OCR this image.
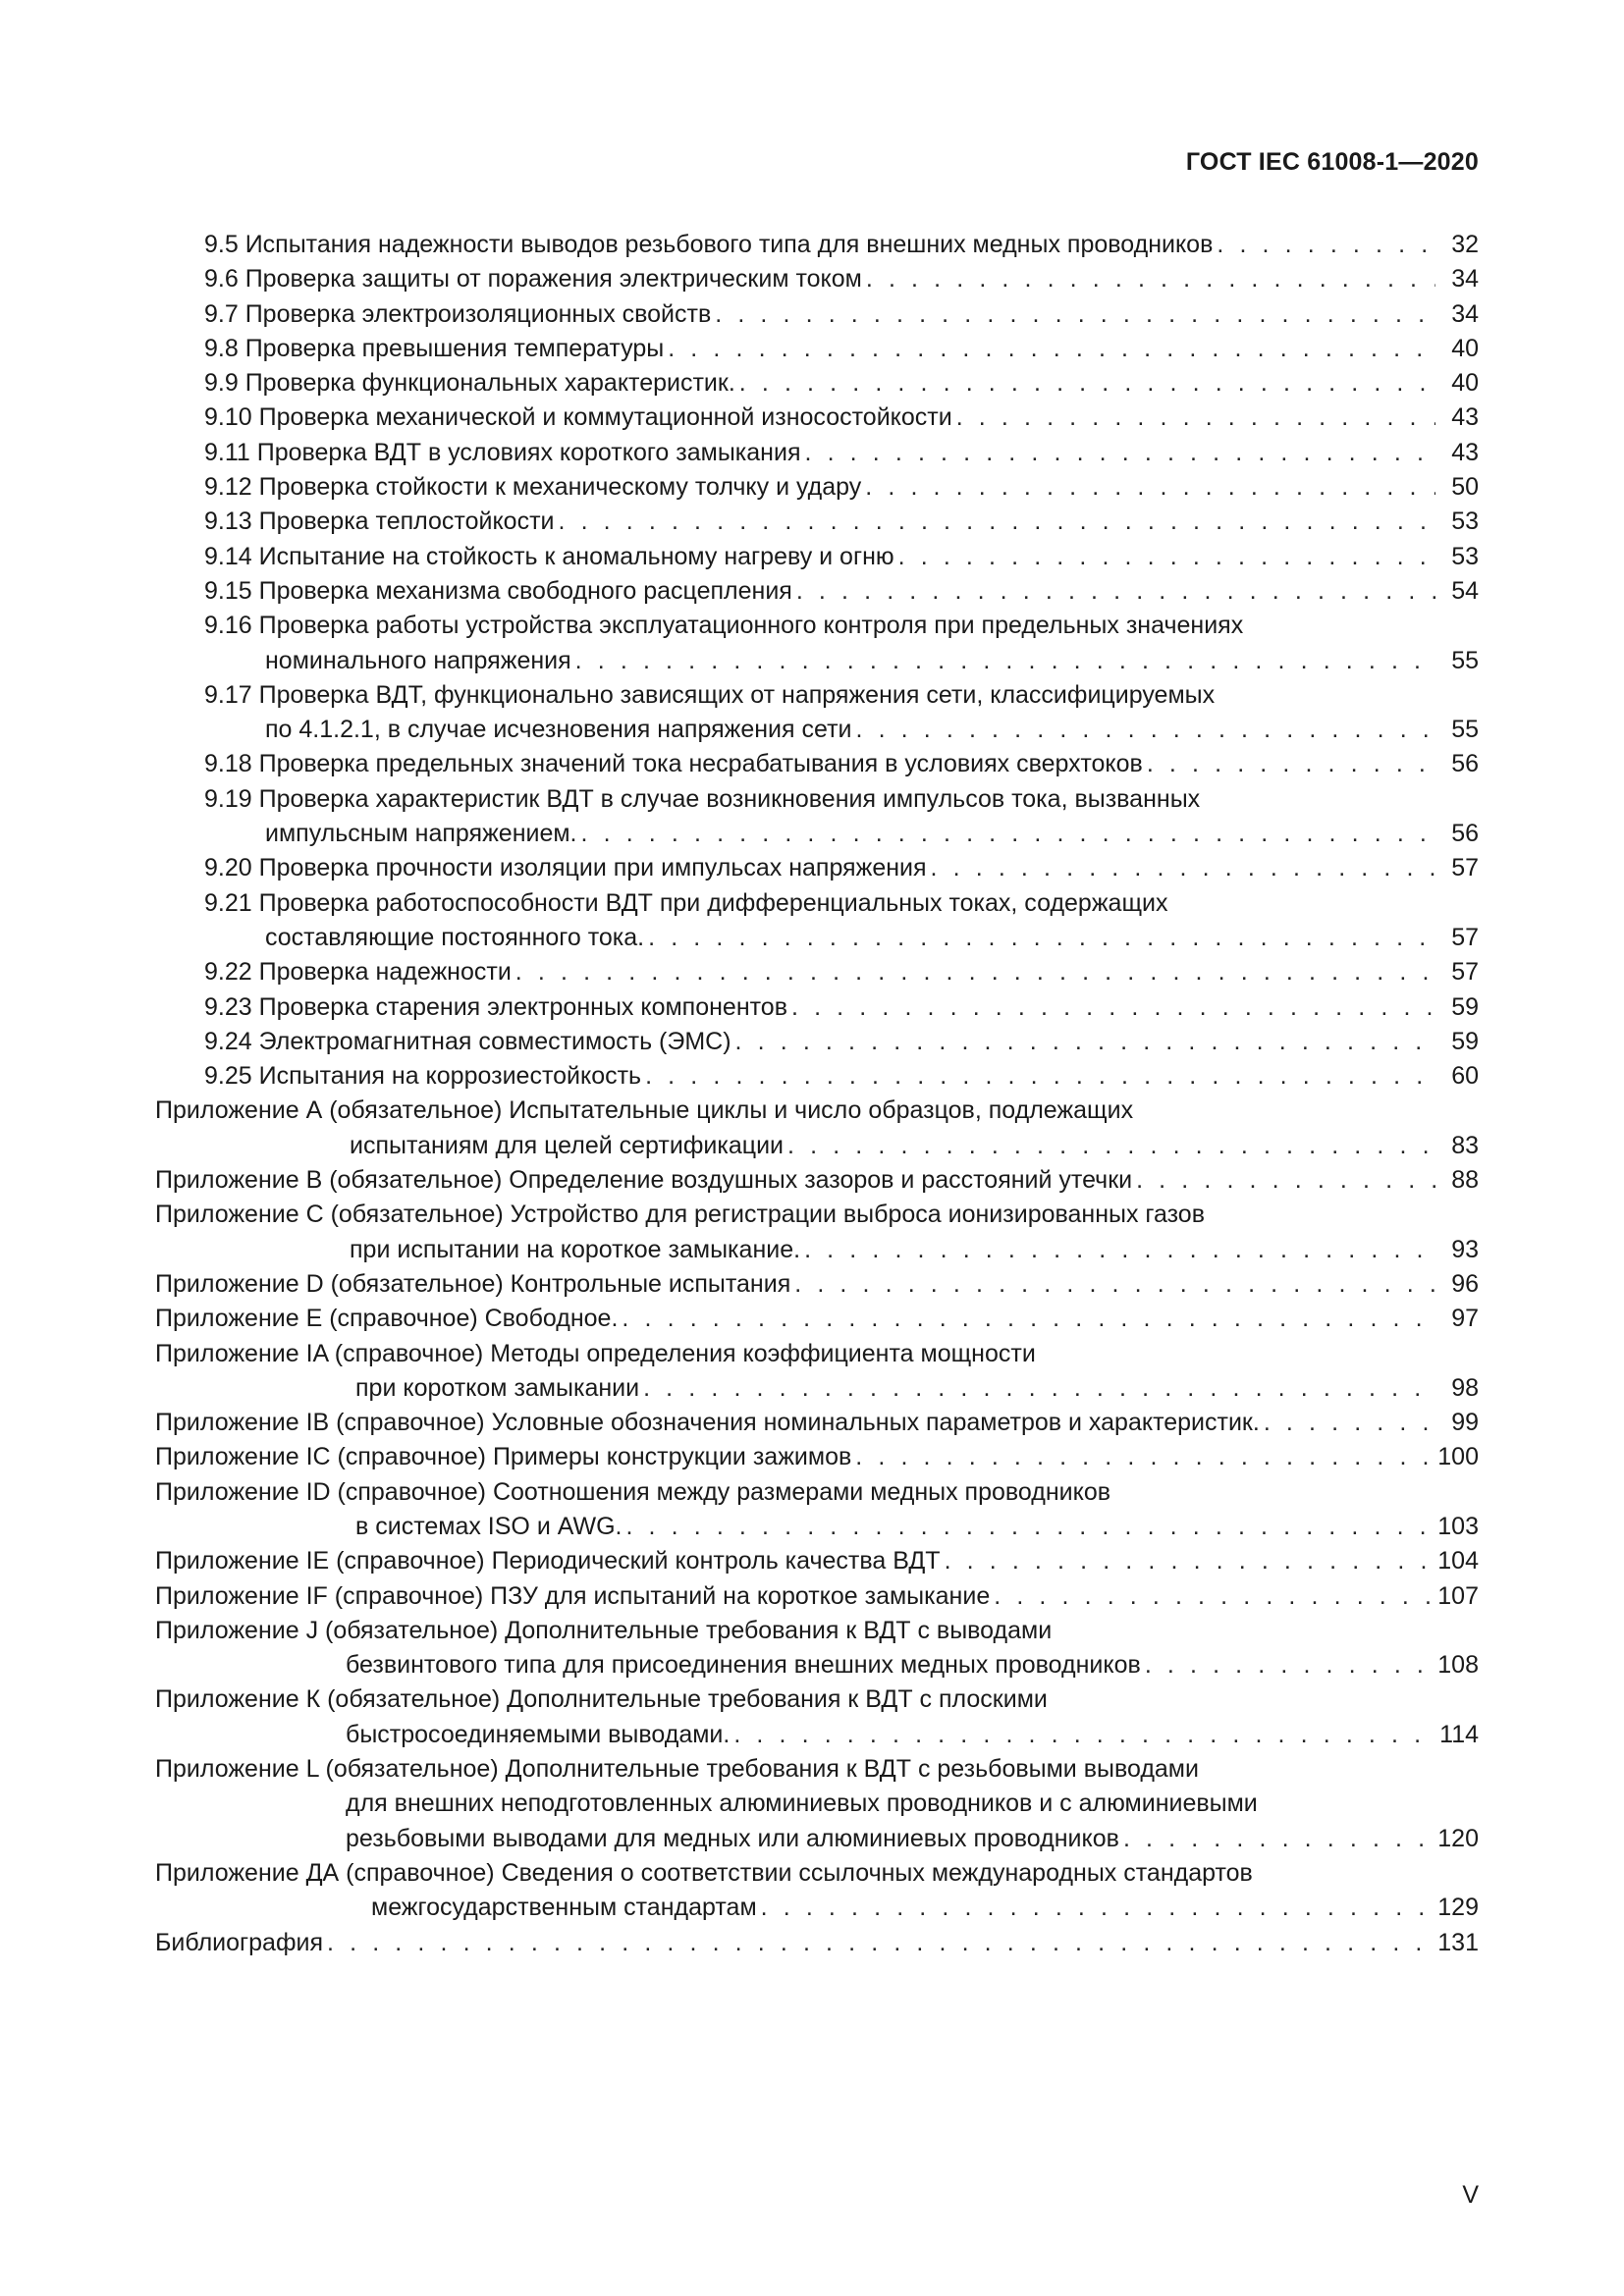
ГОСТ IEC 61008-1—2020
9.5 Испытания надежности выводов резьбового типа для внешних медных проводников . . .	32
9.6 Проверка защиты от поражения электрическим током . . .	34
9.7 Проверка электроизоляционных свойств . . .	34
9.8 Проверка превышения температуры . . .	40
9.9 Проверка функциональных характеристик. . . .	40
9.10 Проверка механической и коммутационной износостойкости . . .	43
9.11 Проверка ВДТ в условиях короткого замыкания . . .	43
9.12 Проверка стойкости к механическому толчку и удару . . .	50
9.13 Проверка теплостойкости . . .	53
9.14 Испытание на стойкость к аномальному нагреву и огню . . .	53
9.15 Проверка механизма свободного расцепления . . .	54
9.16 Проверка работы устройства эксплуатационного контроля при предельных значениях
номинального напряжения . . .	55
9.17 Проверка ВДТ, функционально зависящих от напряжения сети, классифицируемых
по 4.1.2.1, в случае исчезновения напряжения сети . . .	55
9.18 Проверка предельных значений тока несрабатывания в условиях сверхтоков . . .	56
9.19 Проверка характеристик ВДТ в случае возникновения импульсов тока, вызванных
импульсным напряжением. . . .	56
9.20 Проверка прочности изоляции при импульсах напряжения . . .	57
9.21 Проверка работоспособности ВДТ при дифференциальных токах, содержащих
составляющие постоянного тока. . . .	57
9.22 Проверка надежности . . .	57
9.23 Проверка старения электронных компонентов . . .	59
9.24 Электромагнитная совместимость (ЭМС) . . .	59
9.25 Испытания на коррозиестойкость . . .	60
Приложение А (обязательное) Испытательные циклы и число образцов, подлежащих
испытаниям для целей сертификации . . .	83
Приложение В (обязательное) Определение воздушных зазоров и расстояний утечки . . .	88
Приложение С (обязательное) Устройство для регистрации выброса ионизированных газов
при испытании на короткое замыкание. . . .	93
Приложение D (обязательное) Контрольные испытания . . .	96
Приложение Е (справочное) Свободное. . . .	97
Приложение IA (справочное) Методы определения коэффициента мощности
при коротком замыкании . . .	98
Приложение IB (справочное) Условные обозначения номинальных параметров и характеристик. . . .	99
Приложение IC (справочное) Примеры конструкции зажимов . . .	100
Приложение ID (справочное) Соотношения между размерами медных проводников
в системах ISO и AWG. . . .	103
Приложение IE (справочное) Периодический контроль качества ВДТ . . .	104
Приложение IF (справочное) ПЗУ для испытаний на короткое замыкание . . .	107
Приложение J (обязательное) Дополнительные требования к ВДТ с выводами
безвинтового типа для присоединения внешних медных проводников . . .	108
Приложение К (обязательное) Дополнительные требования к ВДТ с плоскими
быстросоединяемыми выводами. . . .	114
Приложение L (обязательное) Дополнительные требования к ВДТ с резьбовыми выводами
для внешних неподготовленных алюминиевых проводников и с алюминиевыми
резьбовыми выводами для медных или алюминиевых проводников . . .	120
Приложение ДА (справочное) Сведения о соответствии ссылочных международных стандартов
межгосударственным стандартам . . .	129
Библиография . . .	131
V
